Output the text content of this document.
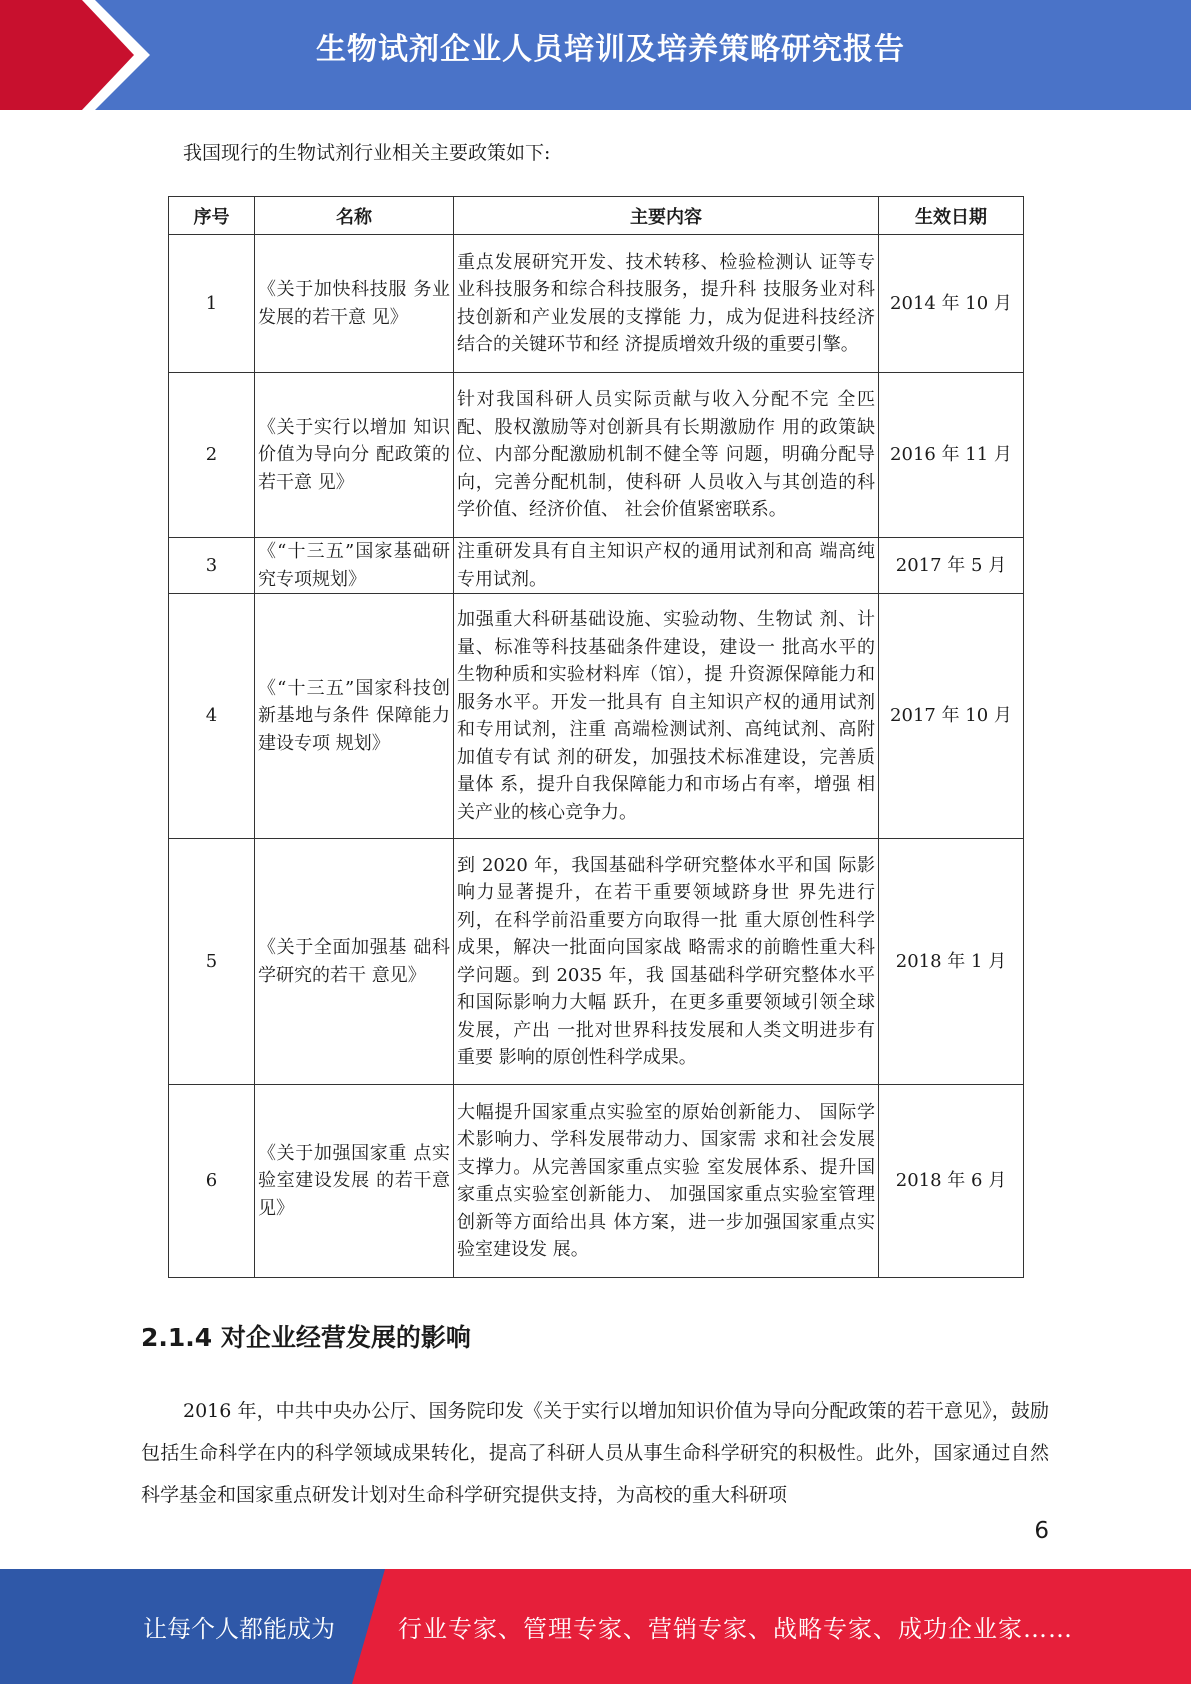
生物试剂企业人员培训及培养策略研究报告
我国现行的生物试剂行业相关主要政策如下:
序号	名称	主要内容	生效日期
1	《关于加快科技服 务业发展的若干意 见》	重点发展研究开发、技术转移、检验检测认 证等专业科技服务和综合科技服务，提升科 技服务业对科技创新和产业发展的支撑能 力，成为促进科技经济结合的关键环节和经 济提质增效升级的重要引擎。	2014 年 10 月
2	《关于实行以增加 知识价值为导向分 配政策的若干意 见》	针对我国科研人员实际贡献与收入分配不完 全匹配、股权激励等对创新具有长期激励作 用的政策缺位、内部分配激励机制不健全等 问题，明确分配导向，完善分配机制，使科研 人员收入与其创造的科学价值、经济价值、 社会价值紧密联系。	2016 年 11 月
3	《“十三五”国家基础研究专项规划》	注重研发具有自主知识产权的通用试剂和高 端高纯专用试剂。	2017 年 5 月
4	《“十三五”国家科技创新基地与条件 保障能力建设专项 规划》	加强重大科研基础设施、实验动物、生物试 剂、计量、标准等科技基础条件建设，建设一 批高水平的生物种质和实验材料库（馆），提 升资源保障能力和服务水平。开发一批具有 自主知识产权的通用试剂和专用试剂，注重 高端检测试剂、高纯试剂、高附加值专有试 剂的研发，加强技术标准建设，完善质量体 系，提升自我保障能力和市场占有率，增强 相关产业的核心竞争力。	2017 年 10 月
5	《关于全面加强基 础科学研究的若干 意见》	到 2020 年，我国基础科学研究整体水平和国 际影响力显著提升，在若干重要领域跻身世 界先进行列，在科学前沿重要方向取得一批 重大原创性科学成果，解决一批面向国家战 略需求的前瞻性重大科学问题。到 2035 年，我 国基础科学研究整体水平和国际影响力大幅 跃升，在更多重要领域引领全球发展，产出 一批对世界科技发展和人类文明进步有重要 影响的原创性科学成果。	2018 年 1 月
6	《关于加强国家重 点实验室建设发展 的若干意见》	大幅提升国家重点实验室的原始创新能力、 国际学术影响力、学科发展带动力、国家需 求和社会发展支撑力。从完善国家重点实验 室发展体系、提升国家重点实验室创新能力、 加强国家重点实验室管理创新等方面给出具 体方案，进一步加强国家重点实验室建设发 展。	2018 年 6 月
2.1.4 对企业经营发展的影响
2016 年，中共中央办公厅、国务院印发《关于实行以增加知识价值为导向分配政策的若干意见》，鼓励包括生命科学在内的科学领域成果转化，提高了科研人员从事生命科学研究的积极性。此外，国家通过自然科学基金和国家重点研发计划对生命科学研究提供支持，为高校的重大科研项
6
让每个人都能成为	行业专家、管理专家、营销专家、战略专家、成功企业家……
